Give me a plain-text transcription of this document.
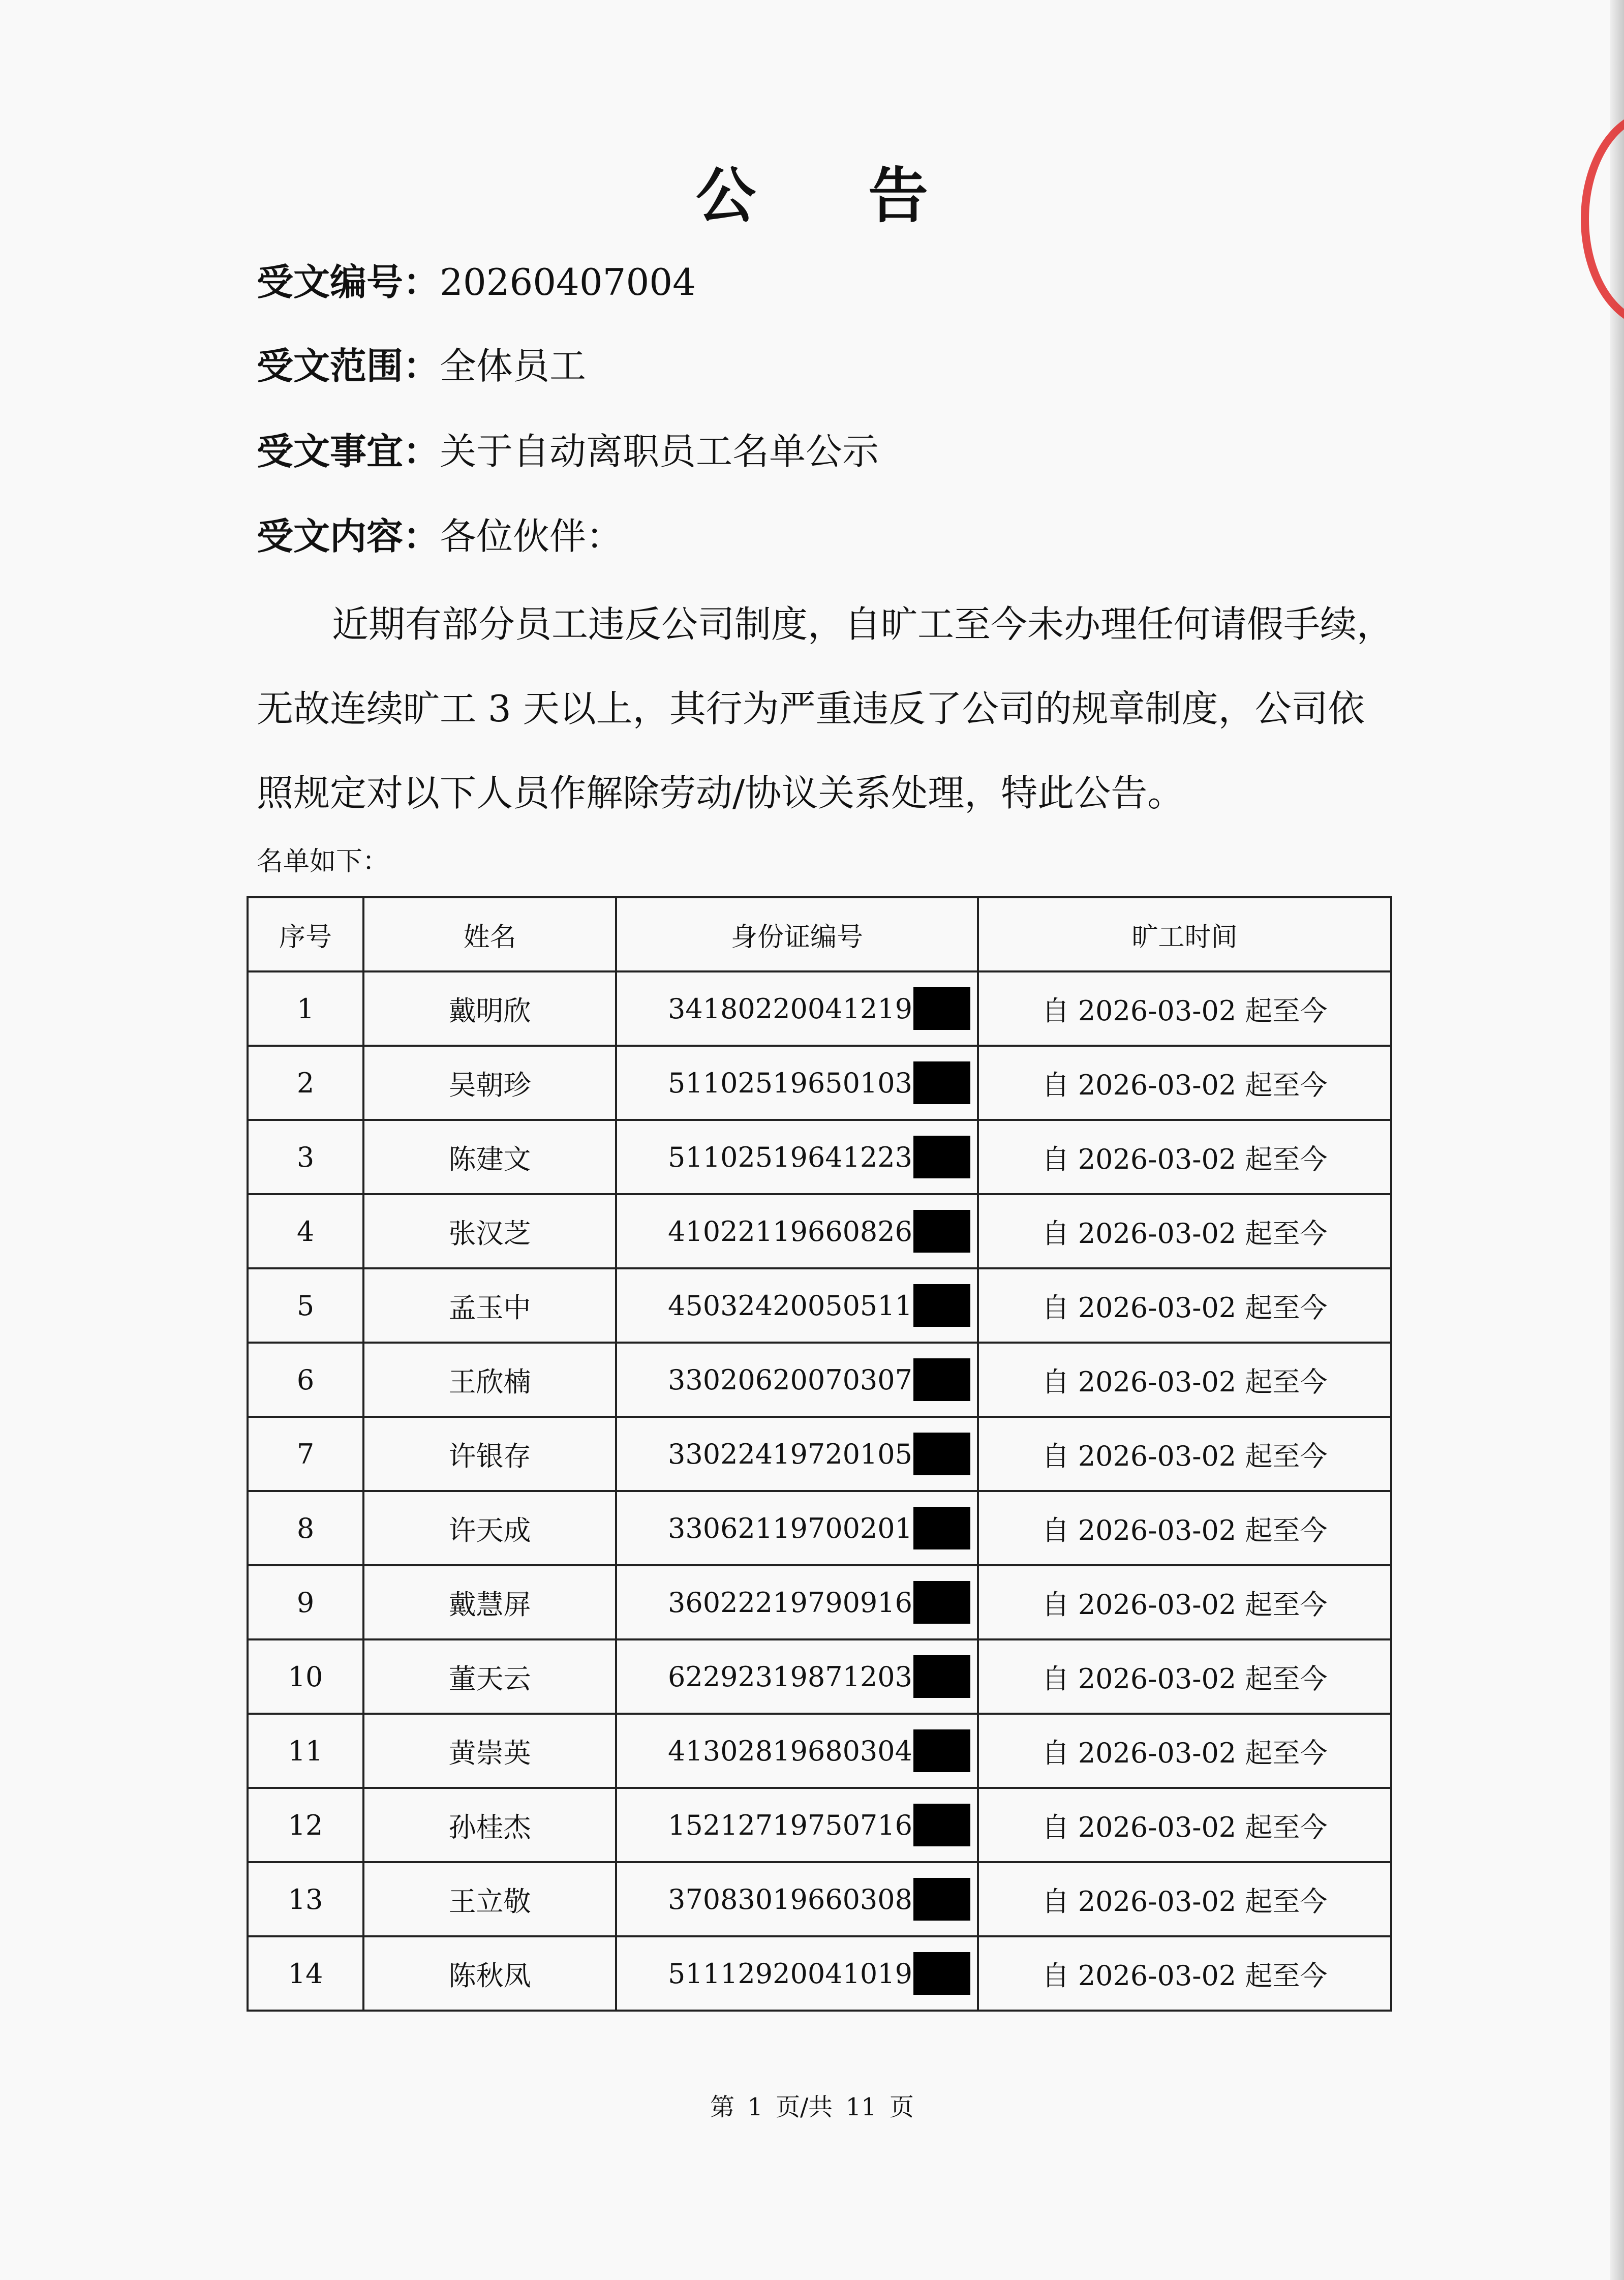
公 告
受文编号：20260407004
受文范围：全体员工
受文事宜：关于自动离职员工名单公示
受文内容：各位伙伴：
近期有部分员工违反公司制度，自旷工至今未办理任何请假手续，
无故连续旷工 3 天以上，其行为严重违反了公司的规章制度，公司依
照规定对以下人员作解除劳动/协议关系处理，特此公告。
名单如下：
序号	姓名	身份证编号	旷工时间
1	戴明欣	34180220041219	自 2026-03-02 起至今
2	吴朝珍	51102519650103	自 2026-03-02 起至今
3	陈建文	51102519641223	自 2026-03-02 起至今
4	张汉芝	41022119660826	自 2026-03-02 起至今
5	孟玉中	45032420050511	自 2026-03-02 起至今
6	王欣楠	33020620070307	自 2026-03-02 起至今
7	许银存	33022419720105	自 2026-03-02 起至今
8	许天成	33062119700201	自 2026-03-02 起至今
9	戴慧屏	36022219790916	自 2026-03-02 起至今
10	董天云	62292319871203	自 2026-03-02 起至今
11	黄崇英	41302819680304	自 2026-03-02 起至今
12	孙桂杰	15212719750716	自 2026-03-02 起至今
13	王立敬	37083019660308	自 2026-03-02 起至今
14	陈秋凤	51112920041019	自 2026-03-02 起至今
第 1 页/共 11 页
